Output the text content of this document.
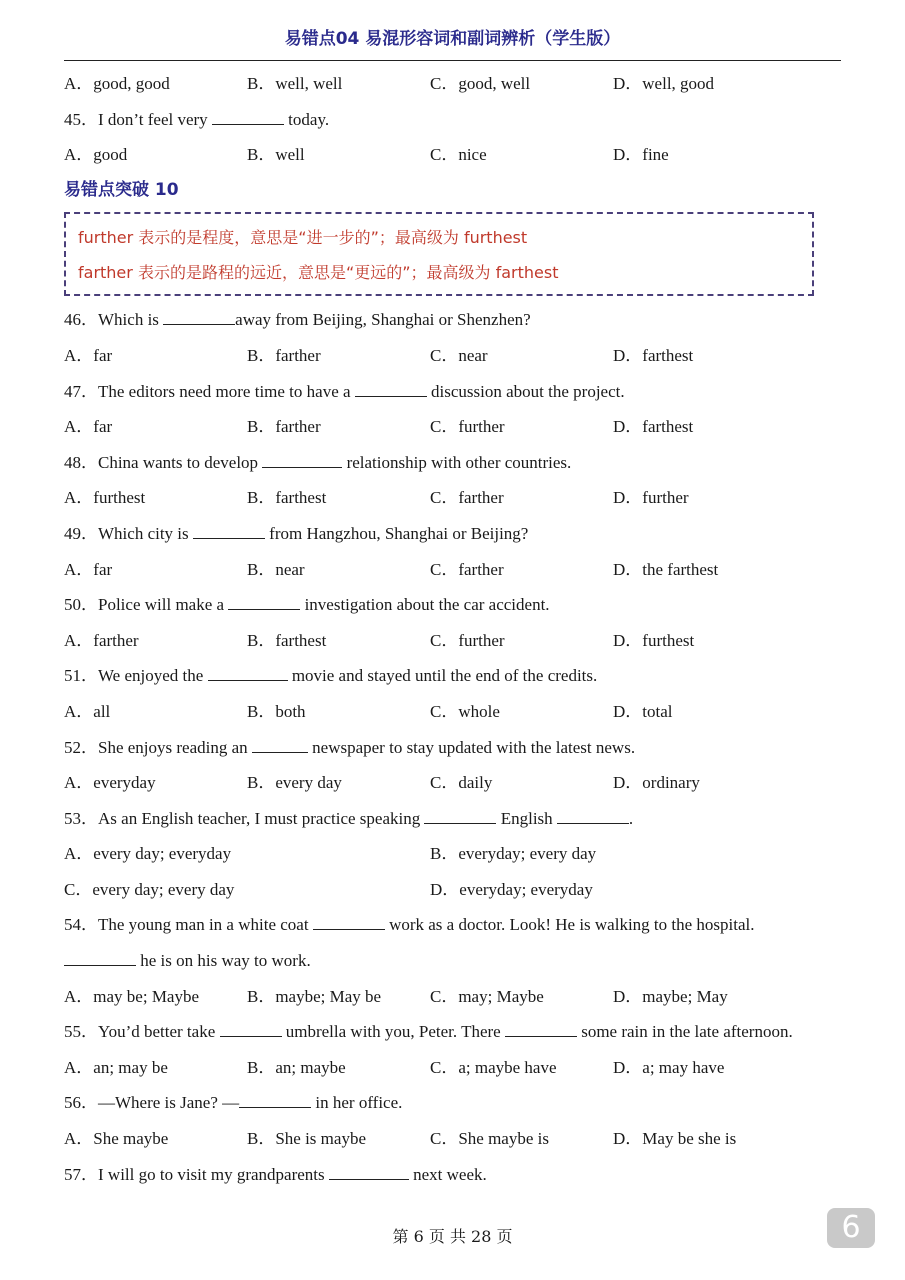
易错点04 易混形容词和副词辨析（学生版）
A．good, good	B．well, well	C．good, well	D．well, good
45．I don’t feel very	today.
A．good	B．well	C．nice	D．fine
易错点突破 10
further 表示的是程度，意思是“进一步的”；最高级为 furthest
farther 表示的是路程的远近，意思是“更远的”；最高级为 farthest
46．Which is	away from Beijing, Shanghai or Shenzhen?
A．far	B．farther	C．near	D．farthest
47．The editors need more time to have a	discussion about the project.
A．far	B．farther	C．further	D．farthest
48．China wants to develop	relationship with other countries.
A．furthest	B．farthest	C．farther	D．further
49．Which city is	from Hangzhou, Shanghai or Beijing?
A．far	B．near	C．farther	D．the farthest
50．Police will make a	investigation about the car accident.
A．farther	B．farthest	C．further	D．furthest
51．We enjoyed the	movie and stayed until the end of the credits.
A．all	B．both	C．whole	D．total
52．She enjoys reading an	newspaper to stay updated with the latest news.
A．everyday	B．every day	C．daily	D．ordinary
53．As an English teacher, I must practice speaking	English	.
A．every day; everyday	B．everyday; every day
C．every day; every day	D．everyday; everyday
54．The young man in a white coat	work as a doctor. Look! He is walking to the hospital.
he is on his way to work.
A．may be; Maybe	B．maybe; May be	C．may; Maybe	D．maybe; May
55．You’d better take	umbrella with you, Peter. There	some rain in the late afternoon.
A．an; may be	B．an; maybe	C．a; maybe have	D．a; may have
56．—Where is Jane? —	in her office.
A．She maybe	B．She is maybe	C．She maybe is	D．May be she is
57．I will go to visit my grandparents	next week.
第 6 页 共 28 页	6
